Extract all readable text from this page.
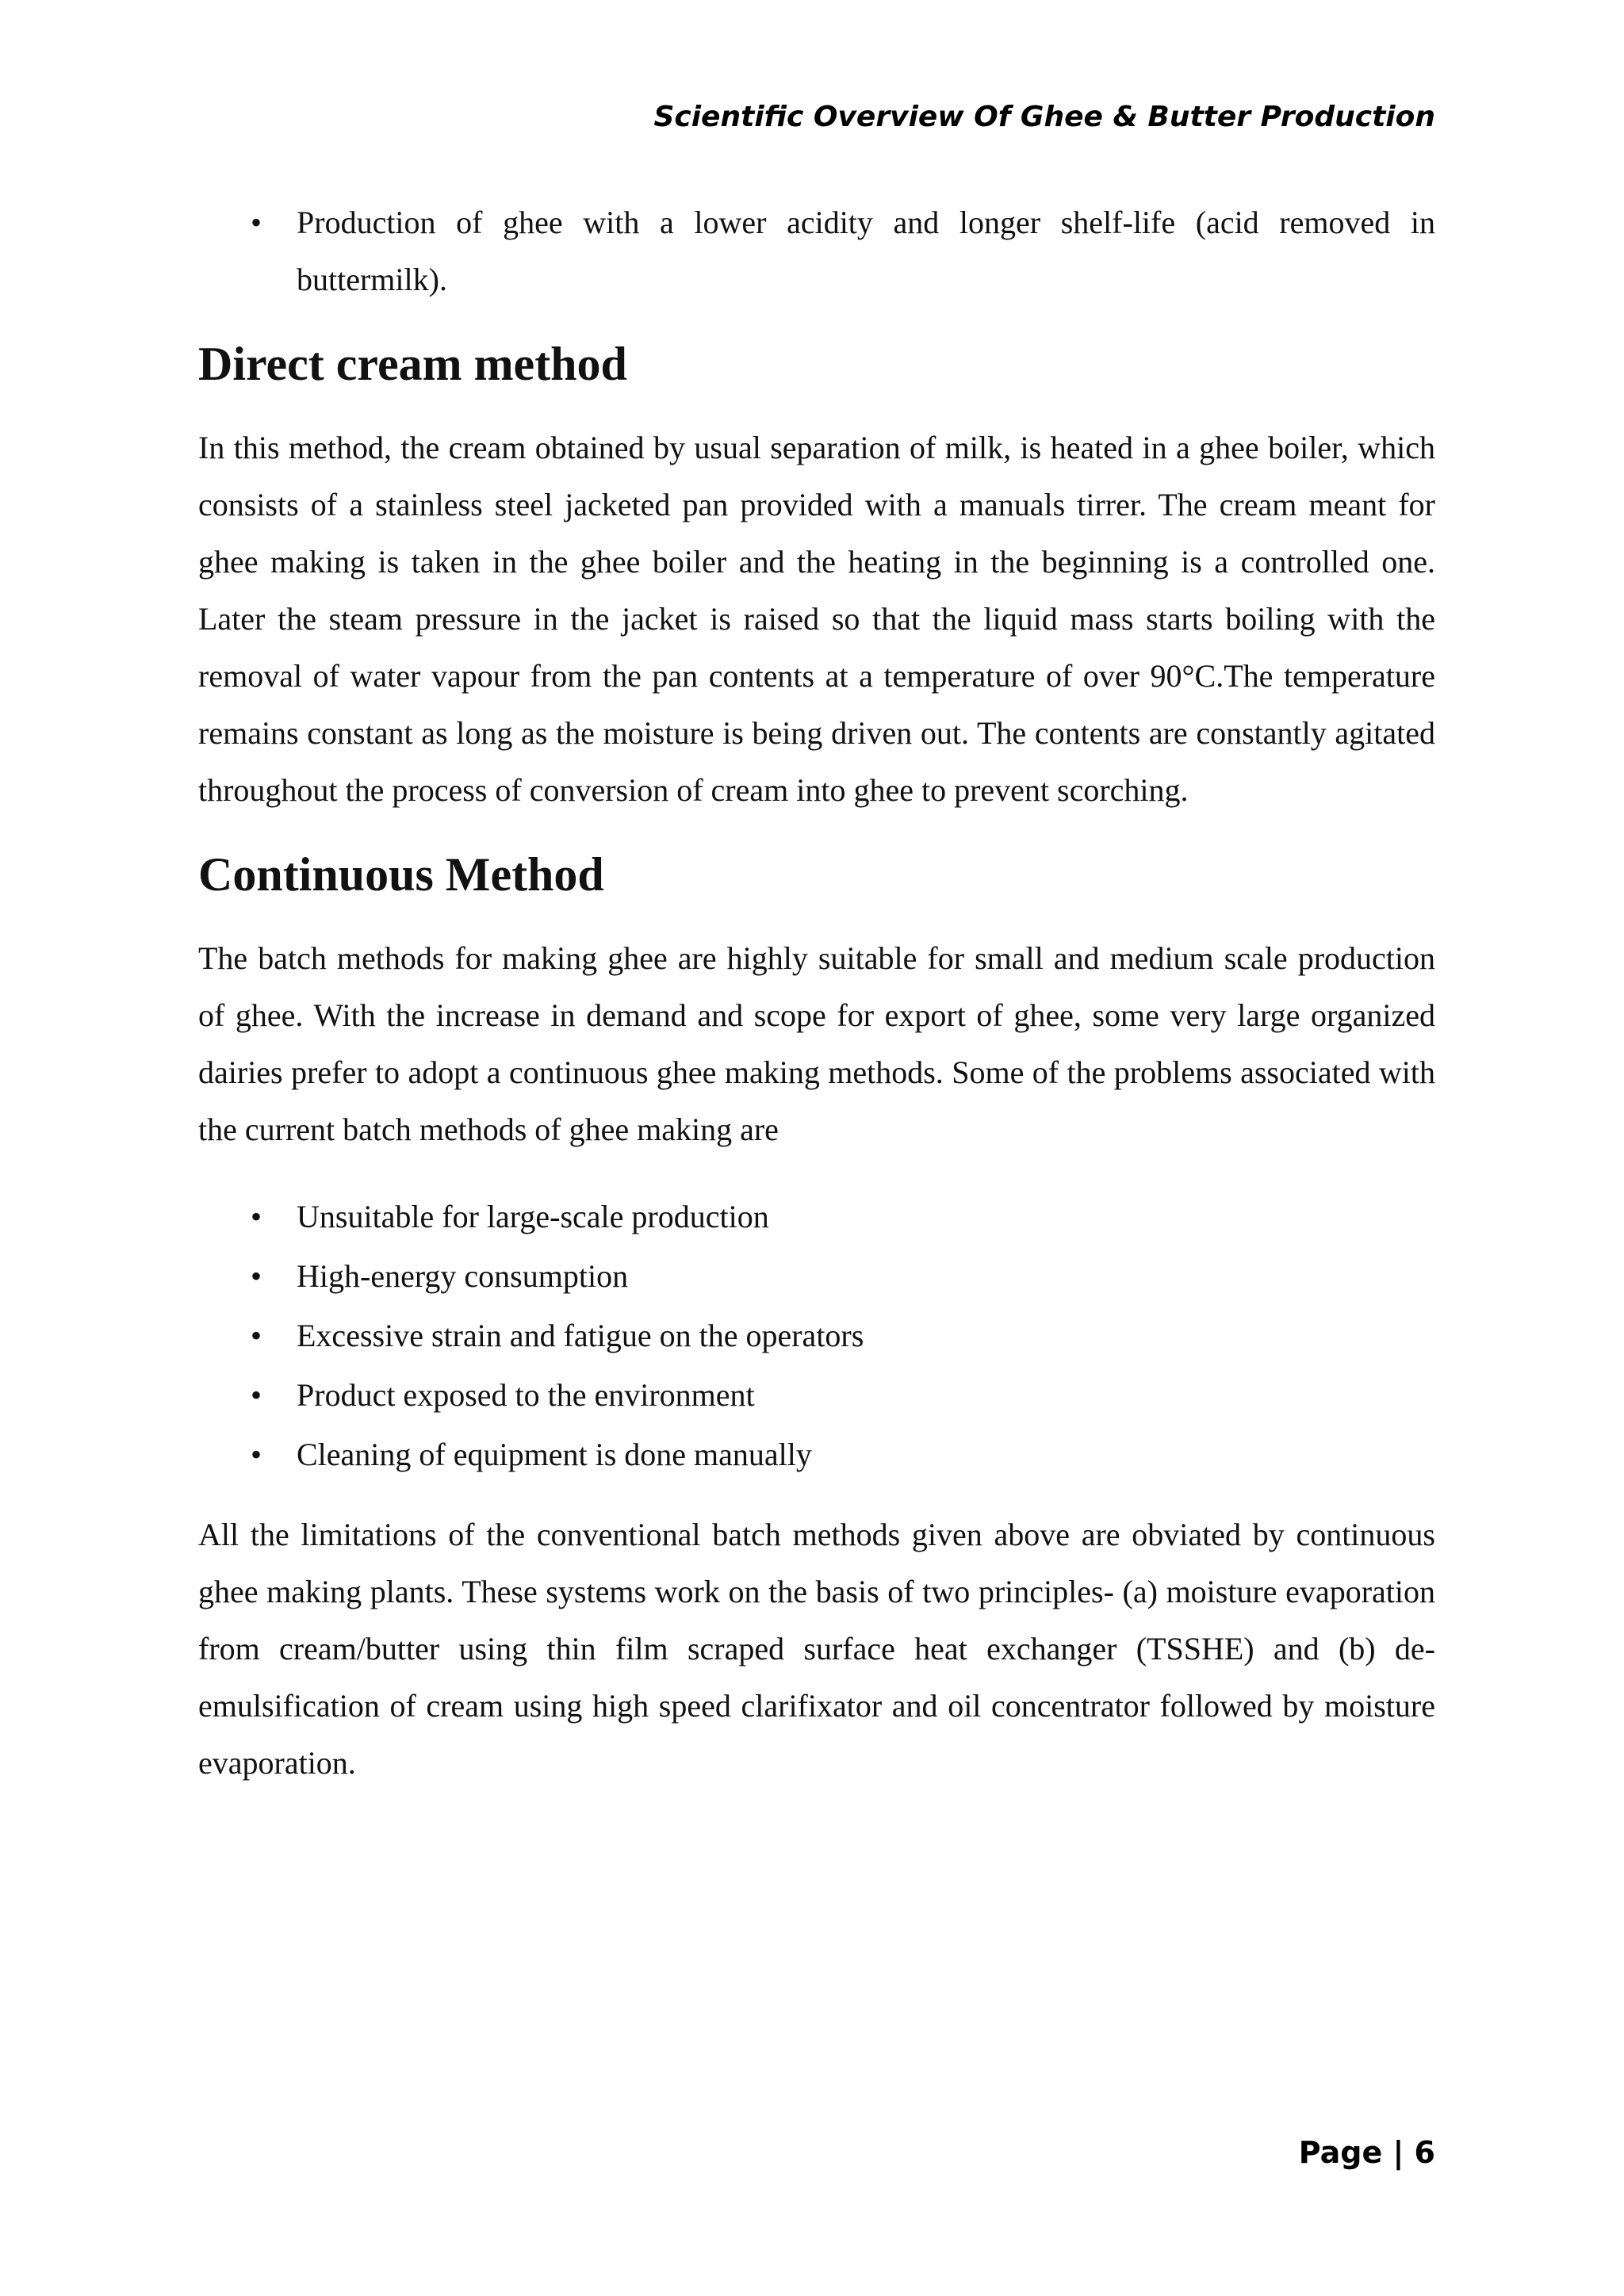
Scientific Overview Of Ghee & Butter Production
• Production of ghee with a lower acidity and longer shelf-life (acid removed in buttermilk).
Direct cream method

In this method, the cream obtained by usual separation of milk, is heated in a ghee boiler, which consists of a stainless steel jacketed pan provided with a manuals tirrer. The cream meant for ghee making is taken in the ghee boiler and the heating in the beginning is a controlled one. Later the steam pressure in the jacket is raised so that the liquid mass starts boiling with the removal of water vapour from the pan contents at a temperature of over 90°C.The temperature remains constant as long as the moisture is being driven out. The contents are constantly agitated throughout the process of conversion of cream into ghee to prevent scorching.

Continuous Method

The batch methods for making ghee are highly suitable for small and medium scale production of ghee. With the increase in demand and scope for export of ghee, some very large organized dairies prefer to adopt a continuous ghee making methods. Some of the problems associated with the current batch methods of ghee making are

• Unsuitable for large-scale production
• High-energy consumption
• Excessive strain and fatigue on the operators
• Product exposed to the environment
• Cleaning of equipment is done manually

All the limitations of the conventional batch methods given above are obviated by continuous ghee making plants. These systems work on the basis of two principles- (a) moisture evaporation from cream/butter using thin film scraped surface heat exchanger (TSSHE) and (b) de-emulsification of cream using high speed clarifixator and oil concentrator followed by moisture evaporation.

Page | 6
